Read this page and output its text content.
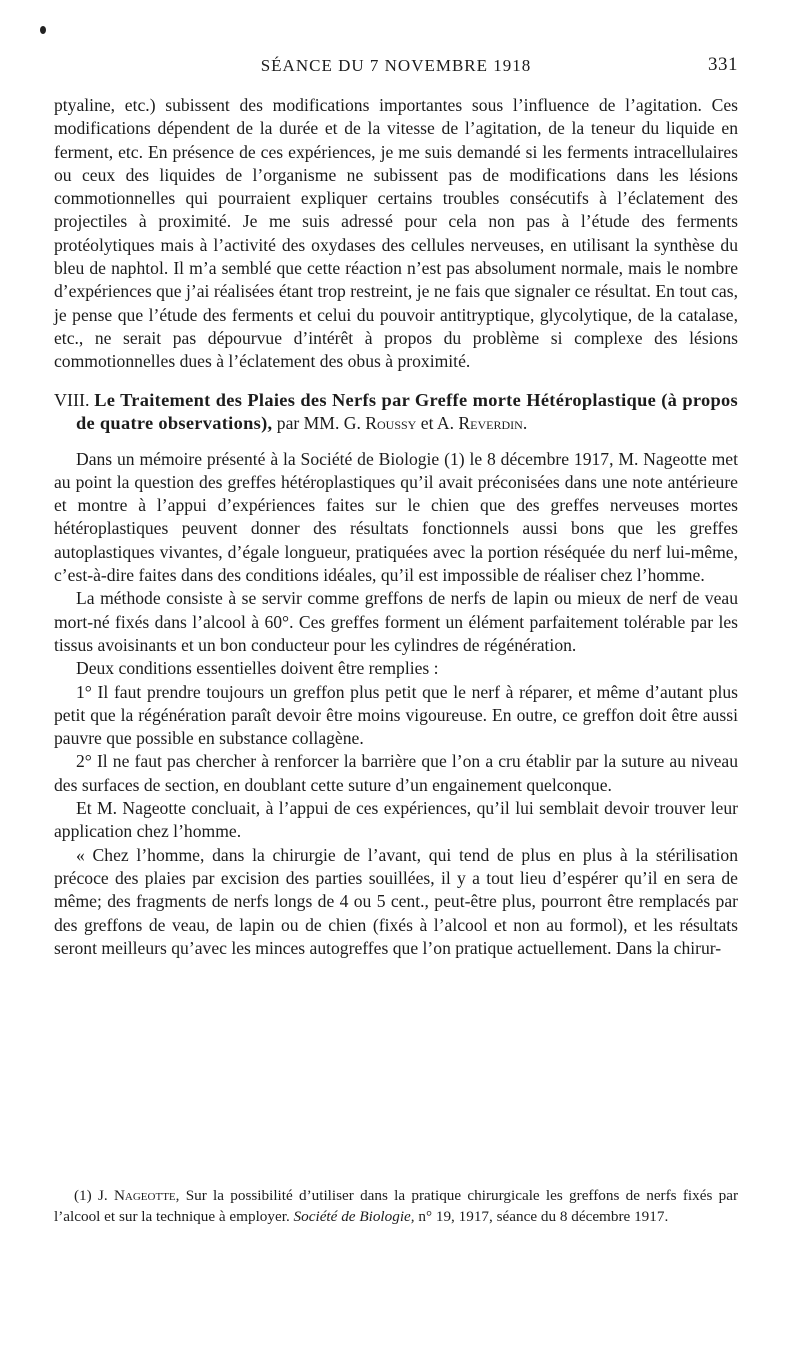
SÉANCE DU 7 NOVEMBRE 1918	331

ptyaline, etc.) subissent des modifications importantes sous l’influence de l’agitation. Ces modifications dépendent de la durée et de la vitesse de l’agitation, de la teneur du liquide en ferment, etc. En présence de ces expériences, je me suis demandé si les ferments intracellulaires ou ceux des liquides de l’organisme ne subissent pas de modifications dans les lésions commotionnelles qui pourraient expliquer certains troubles consécutifs à l’éclatement des projectiles à proximité. Je me suis adressé pour cela non pas à l’étude des ferments protéolytiques mais à l’activité des oxydases des cellules nerveuses, en utilisant la synthèse du bleu de naphtol. Il m’a semblé que cette réaction n’est pas absolument normale, mais le nombre d’expériences que j’ai réalisées étant trop restreint, je ne fais que signaler ce résultat. En tout cas, je pense que l’étude des ferments et celui du pouvoir antitryptique, glycolytique, de la catalase, etc., ne serait pas dépourvue d’intérêt à propos du problème si complexe des lésions commotionnelles dues à l’éclatement des obus à proximité.

VIII. Le Traitement des Plaies des Nerfs par Greffe morte Hétéroplastique (à propos de quatre observations), par MM. G. Roussy et A. Reverdin.

Dans un mémoire présenté à la Société de Biologie (1) le 8 décembre 1917, M. Nageotte met au point la question des greffes hétéroplastiques qu’il avait préconisées dans une note antérieure et montre à l’appui d’expériences faites sur le chien que des greffes nerveuses mortes hétéroplastiques peuvent donner des résultats fonctionnels aussi bons que les greffes autoplastiques vivantes, d’égale longueur, pratiquées avec la portion réséquée du nerf lui-même, c’est-à-dire faites dans des conditions idéales, qu’il est impossible de réaliser chez l’homme.

La méthode consiste à se servir comme greffons de nerfs de lapin ou mieux de nerf de veau mort-né fixés dans l’alcool à 60°. Ces greffes forment un élément parfaitement tolérable par les tissus avoisinants et un bon conducteur pour les cylindres de régénération.

Deux conditions essentielles doivent être remplies :

1° Il faut prendre toujours un greffon plus petit que le nerf à réparer, et même d’autant plus petit que la régénération paraît devoir être moins vigoureuse. En outre, ce greffon doit être aussi pauvre que possible en substance collagène.

2° Il ne faut pas chercher à renforcer la barrière que l’on a cru établir par la suture au niveau des surfaces de section, en doublant cette suture d’un engainement quelconque.

Et M. Nageotte concluait, à l’appui de ces expériences, qu’il lui semblait devoir trouver leur application chez l’homme.

« Chez l’homme, dans la chirurgie de l’avant, qui tend de plus en plus à la stérilisation précoce des plaies par excision des parties souillées, il y a tout lieu d’espérer qu’il en sera de même; des fragments de nerfs longs de 4 ou 5 cent., peut-être plus, pourront être remplacés par des greffons de veau, de lapin ou de chien (fixés à l’alcool et non au formol), et les résultats seront meilleurs qu’avec les minces autogreffes que l’on pratique actuellement. Dans la chirur-

(1) J. Nageotte, Sur la possibilité d’utiliser dans la pratique chirurgicale les greffons de nerfs fixés par l’alcool et sur la technique à employer. Société de Biologie, n° 19, 1917, séance du 8 décembre 1917.
